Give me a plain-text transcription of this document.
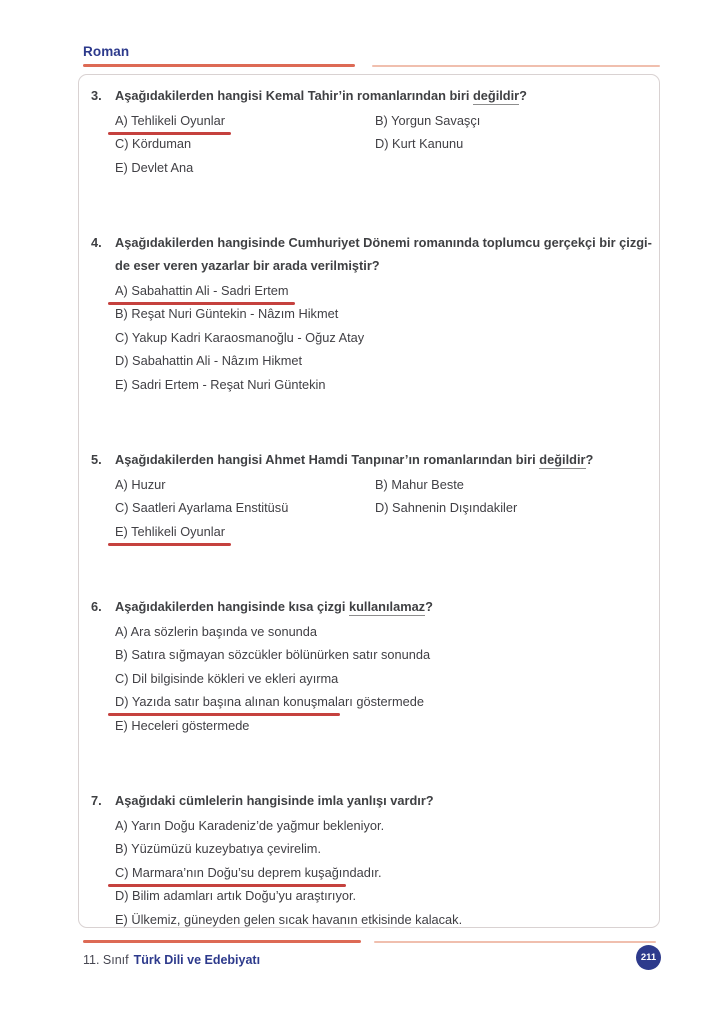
Roman
3.	Aşağıdakilerden hangisi Kemal Tahir’in romanlarından biri değildir?
A) Tehlikeli Oyunlar	B) Yorgun Savaşçı
C) Körduman	D) Kurt Kanunu
E) Devlet Ana
4.	Aşağıdakilerden hangisinde Cumhuriyet Dönemi romanında toplumcu gerçekçi bir çizgi-
de eser veren yazarlar bir arada verilmiştir?
A) Sabahattin Ali - Sadri Ertem
B) Reşat Nuri Güntekin - Nâzım Hikmet
C) Yakup Kadri Karaosmanoğlu - Oğuz Atay
D) Sabahattin Ali - Nâzım Hikmet
E) Sadri Ertem - Reşat Nuri Güntekin
5.	Aşağıdakilerden hangisi Ahmet Hamdi Tanpınar’ın romanlarından biri değildir?
A) Huzur	B) Mahur Beste
C) Saatleri Ayarlama Enstitüsü	D) Sahnenin Dışındakiler
E) Tehlikeli Oyunlar
6.	Aşağıdakilerden hangisinde kısa çizgi kullanılamaz?
A) Ara sözlerin başında ve sonunda
B) Satıra sığmayan sözcükler bölünürken satır sonunda
C) Dil bilgisinde kökleri ve ekleri ayırma
D) Yazıda satır başına alınan konuşmaları göstermede
E) Heceleri göstermede
7.	Aşağıdaki cümlelerin hangisinde imla yanlışı vardır?
A) Yarın Doğu Karadeniz’de yağmur bekleniyor.
B) Yüzümüzü kuzeybatıya çevirelim.
C) Marmara’nın Doğu’su deprem kuşağındadır.
D) Bilim adamları artık Doğu’yu araştırıyor.
E) Ülkemiz, güneyden gelen sıcak havanın etkisinde kalacak.
11. Sınıf Türk Dili ve Edebiyatı	211
